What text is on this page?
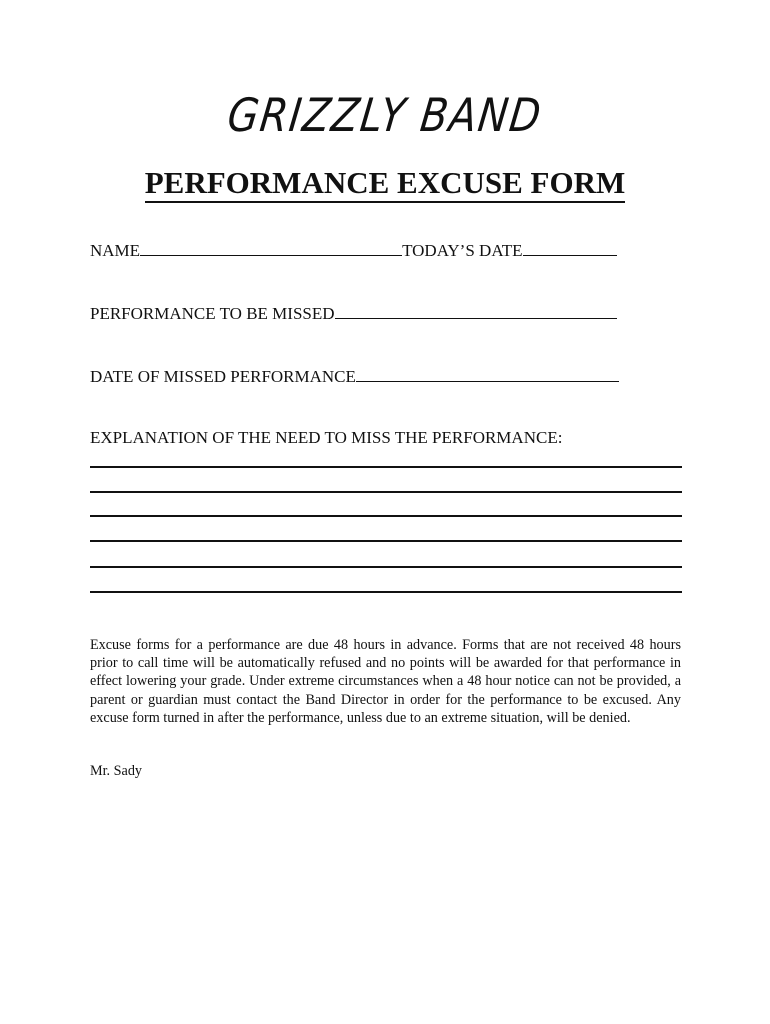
GRIZZLY BAND
PERFORMANCE EXCUSE FORM
NAME	TODAY’S DATE
PERFORMANCE TO BE MISSED
DATE OF MISSED PERFORMANCE
EXPLANATION OF THE NEED TO MISS THE PERFORMANCE:
Excuse forms for a performance are due 48 hours in advance. Forms that are not received 48 hours prior to call time will be automatically refused and no points will be awarded for that performance in effect lowering your grade. Under extreme circumstances when a 48 hour notice can not be provided, a parent or guardian must contact the Band Director in order for the performance to be excused. Any excuse form turned in after the performance, unless due to an extreme situation, will be denied.
Mr. Sady
